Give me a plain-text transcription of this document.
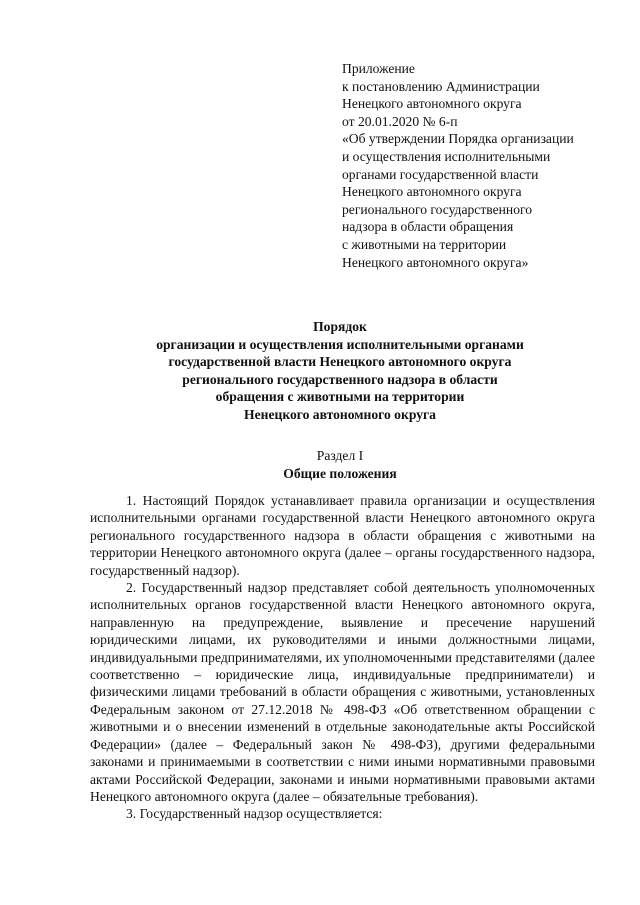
Приложение
к постановлению Администрации
Ненецкого автономного округа
от 20.01.2020 № 6-п
«Об утверждении Порядка организации
и осуществления исполнительными
органами государственной власти
Ненецкого автономного округа
регионального государственного
надзора в области обращения
с животными на территории
Ненецкого автономного округа»
Порядок
организации и осуществления исполнительными органами
государственной власти Ненецкого автономного округа
регионального государственного надзора в области
обращения с животными на территории
Ненецкого автономного округа
Раздел I
Общие положения

1. Настоящий Порядок устанавливает правила организации и осуществления исполнительными органами государственной власти Ненецкого автономного округа регионального государственного надзора в области обращения с животными на территории Ненецкого автономного округа (далее – органы государственного надзора, государственный надзор).

2. Государственный надзор представляет собой деятельность уполномоченных исполнительных органов государственной власти Ненецкого автономного округа, направленную на предупреждение, выявление и пресечение нарушений юридическими лицами, их руководителями и иными должностными лицами, индивидуальными предпринимателями, их уполномоченными представителями (далее соответственно – юридические лица, индивидуальные предприниматели) и физическими лицами требований в области обращения с животными, установленных Федеральным законом от 27.12.2018 № 498-ФЗ «Об ответственном обращении с животными и о внесении изменений в отдельные законодательные акты Российской Федерации» (далее – Федеральный закон № 498-ФЗ), другими федеральными законами и принимаемыми в соответствии с ними иными нормативными правовыми актами Российской Федерации, законами и иными нормативными правовыми актами Ненецкого автономного округа (далее – обязательные требования).

3. Государственный надзор осуществляется:
